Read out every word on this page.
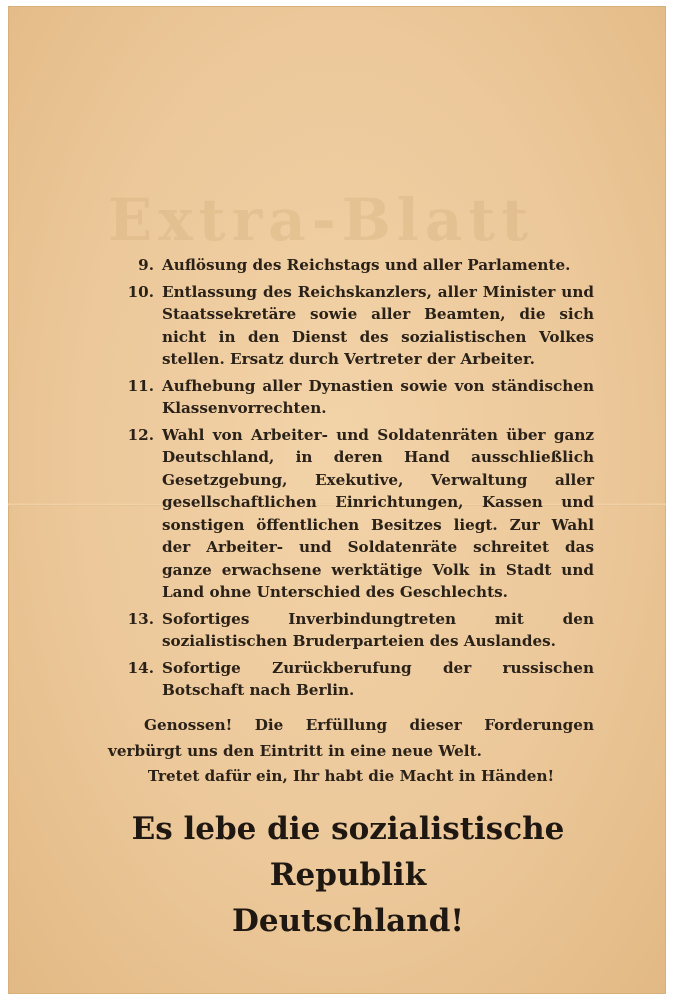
Extra-Blatt
9. Auflösung des Reichstags und aller Parlamente.
10. Entlassung des Reichskanzlers, aller Minister und Staatssekretäre sowie aller Beamten, die sich nicht in den Dienst des sozialistischen Volkes stellen. Ersatz durch Vertreter der Arbeiter.
11. Aufhebung aller Dynastien sowie von ständischen Klassenvorrechten.
12. Wahl von Arbeiter- und Soldatenräten über ganz Deutschland, in deren Hand ausschließlich Gesetzgebung, Exekutive, Verwaltung aller gesellschaftlichen Einrichtungen, Kassen und sonstigen öffentlichen Besitzes liegt. Zur Wahl der Arbeiter- und Soldatenräte schreitet das ganze erwachsene werktätige Volk in Stadt und Land ohne Unterschied des Geschlechts.
13. Sofortiges Inverbindungtreten mit den sozialistischen Bruderparteien des Auslandes.
14. Sofortige Zurückberufung der russischen Botschaft nach Berlin.
Genossen! Die Erfüllung dieser Forderungen verbürgt uns den Eintritt in eine neue Welt.
Tretet dafür ein, Ihr habt die Macht in Händen!
Es lebe die sozialistische Republik
Deutschland!
